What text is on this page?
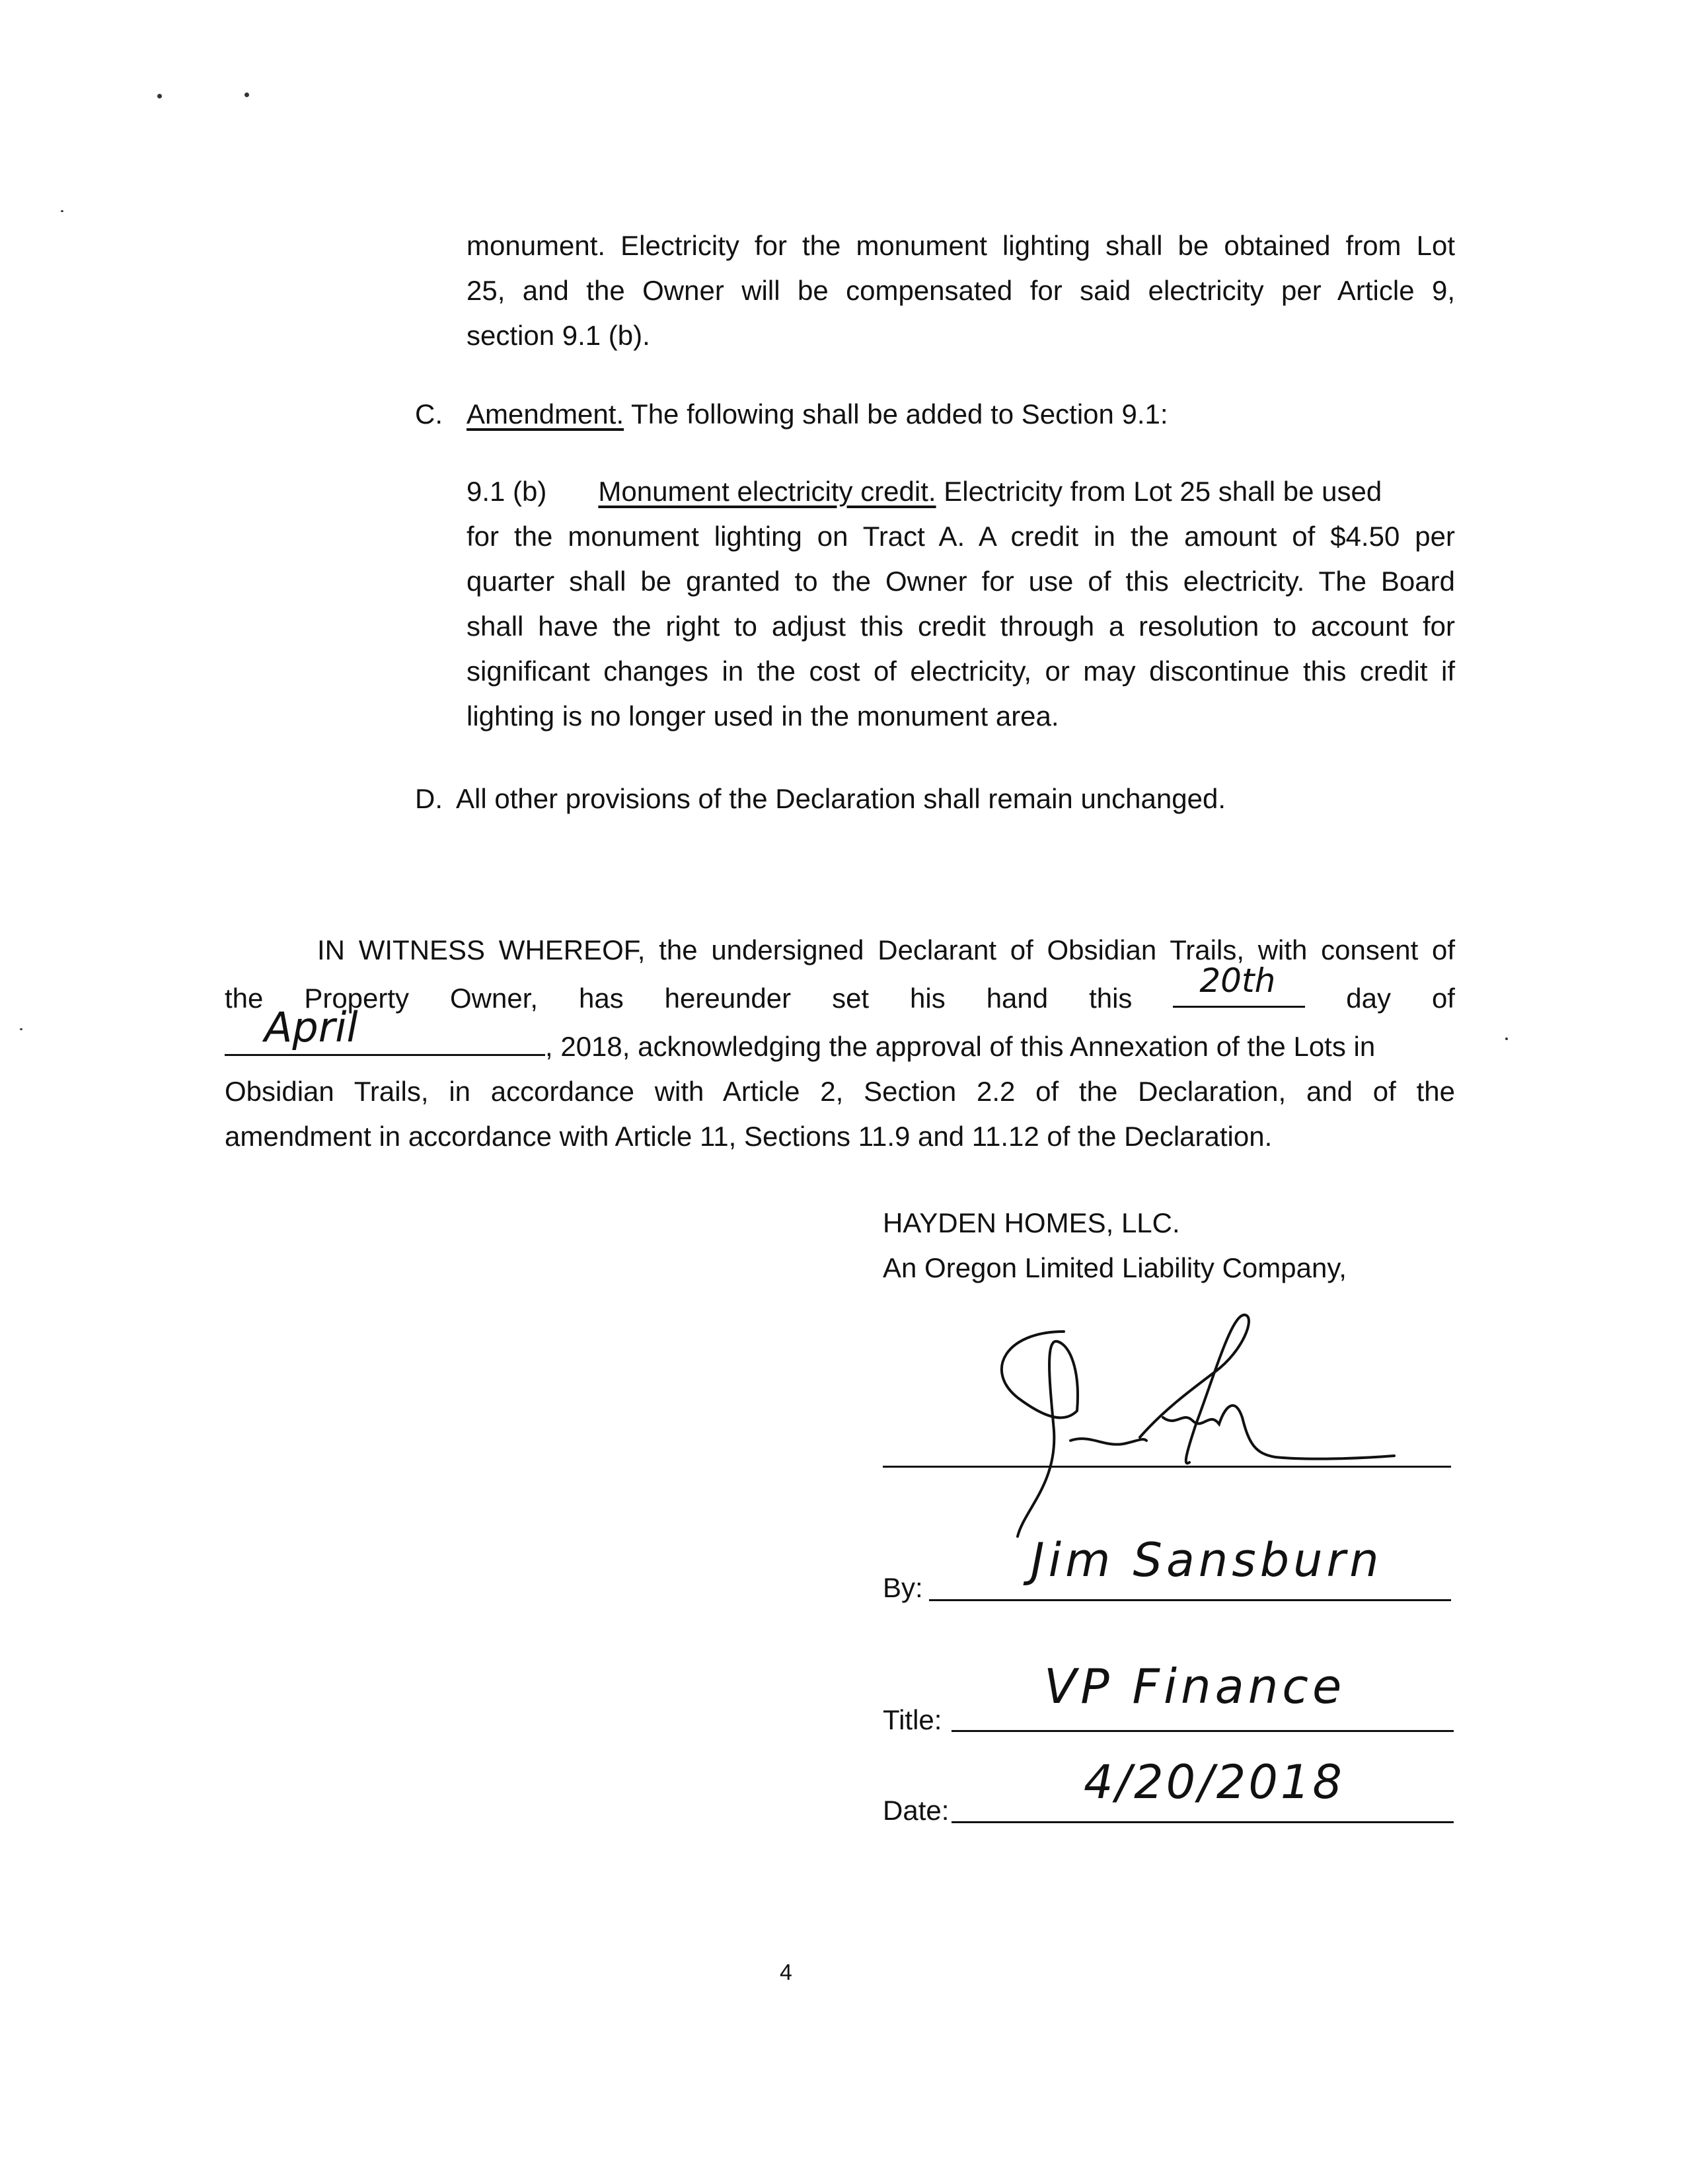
monument. Electricity for the monument lighting shall be obtained from Lot
25, and the Owner will be compensated for said electricity per Article 9,
section 9.1 (b).
C. Amendment. The following shall be added to Section 9.1:
9.1 (b) Monument electricity credit. Electricity from Lot 25 shall be used
for the monument lighting on Tract A. A credit in the amount of $4.50 per
quarter shall be granted to the Owner for use of this electricity. The Board
shall have the right to adjust this credit through a resolution to account for
significant changes in the cost of electricity, or may discontinue this credit if
lighting is no longer used in the monument area.
D. All other provisions of the Declaration shall remain unchanged.
IN WITNESS WHEREOF, the undersigned Declarant of Obsidian Trails, with consent of
the Property Owner, has hereunder set his hand this 20th	day of
April	, 2018, acknowledging the approval of this Annexation of the Lots in
Obsidian Trails, in accordance with Article 2, Section 2.2 of the Declaration, and of the
amendment in accordance with Article 11, Sections 11.9 and 11.12 of the Declaration.
HAYDEN HOMES, LLC.
An Oregon Limited Liability Company,
By:
Jim Sansburn
Title:
VP Finance
Date:
4/20/2018
4
